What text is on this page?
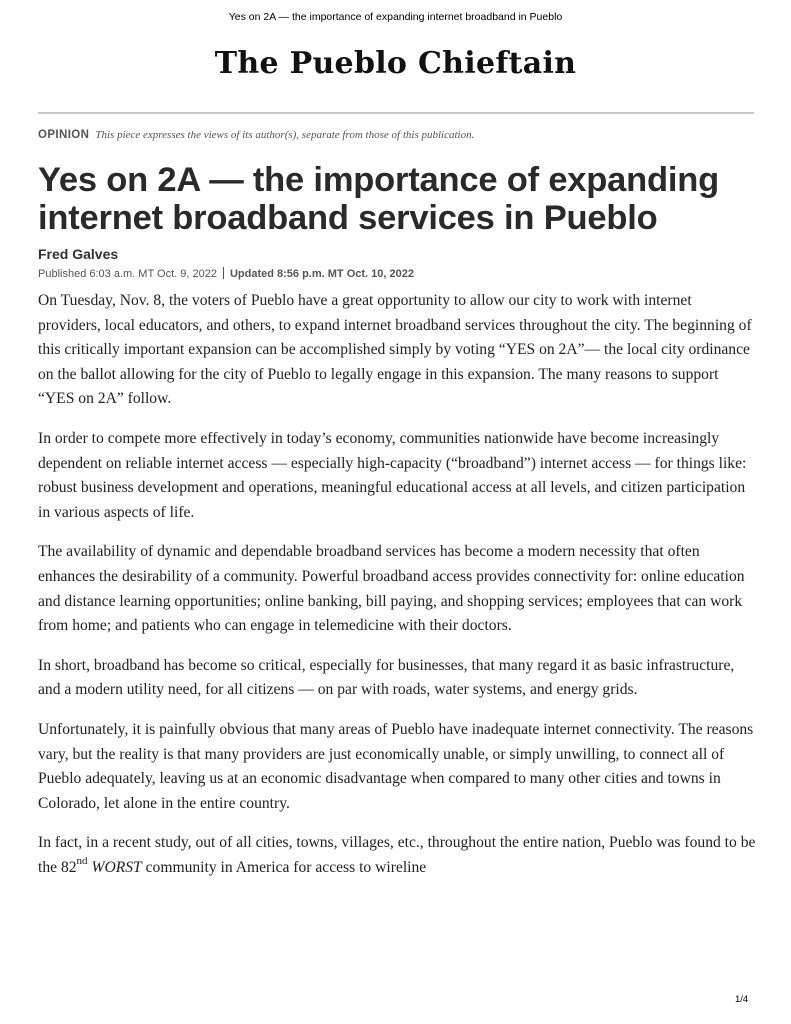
Yes on 2A — the importance of expanding internet broadband in Pueblo
The Pueblo Chieftain
OPINION This piece expresses the views of its author(s), separate from those of this publication.
Yes on 2A — the importance of expanding internet broadband services in Pueblo
Fred Galves
Published 6:03 a.m. MT Oct. 9, 2022 Updated 8:56 p.m. MT Oct. 10, 2022

On Tuesday, Nov. 8, the voters of Pueblo have a great opportunity to allow our city to work with internet providers, local educators, and others, to expand internet broadband services throughout the city. The beginning of this critically important expansion can be accomplished simply by voting “YES on 2A”— the local city ordinance on the ballot allowing for the city of Pueblo to legally engage in this expansion. The many reasons to support “YES on 2A” follow.

In order to compete more effectively in today’s economy, communities nationwide have become increasingly dependent on reliable internet access — especially high-capacity (“broadband”) internet access — for things like: robust business development and operations, meaningful educational access at all levels, and citizen participation in various aspects of life.

The availability of dynamic and dependable broadband services has become a modern necessity that often enhances the desirability of a community. Powerful broadband access provides connectivity for: online education and distance learning opportunities; online banking, bill paying, and shopping services; employees that can work from home; and patients who can engage in telemedicine with their doctors.

In short, broadband has become so critical, especially for businesses, that many regard it as basic infrastructure, and a modern utility need, for all citizens — on par with roads, water systems, and energy grids.

Unfortunately, it is painfully obvious that many areas of Pueblo have inadequate internet connectivity. The reasons vary, but the reality is that many providers are just economically unable, or simply unwilling, to connect all of Pueblo adequately, leaving us at an economic disadvantage when compared to many other cities and towns in Colorado, let alone in the entire country.

In fact, in a recent study, out of all cities, towns, villages, etc., throughout the entire nation, Pueblo was found to be the 82nd WORST community in America for access to wireline

1/4
